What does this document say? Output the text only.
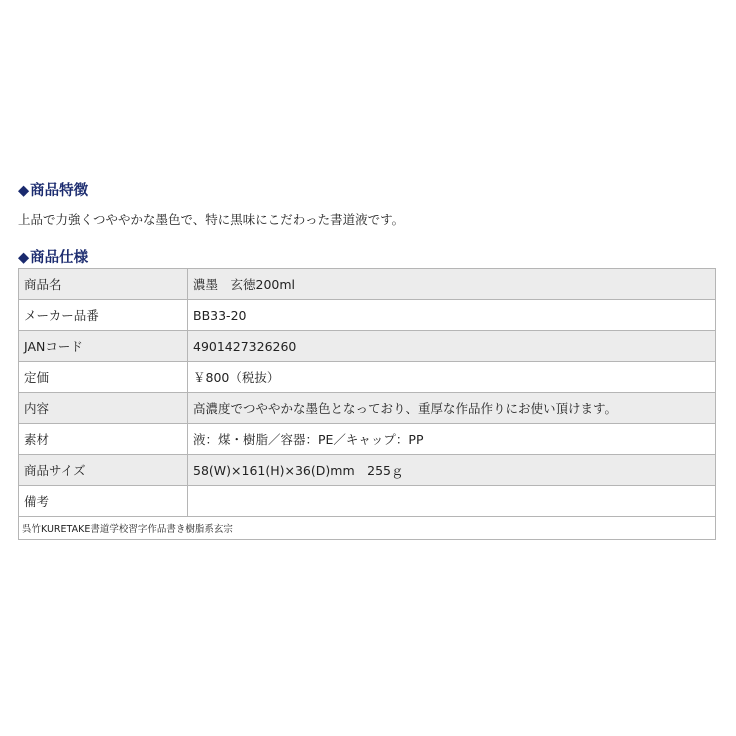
◆商品特徴
上品で力強くつややかな墨色で、特に黒味にこだわった書道液です。
◆商品仕様
商品名	濃墨　玄徳200ml
メーカー品番	BB33-20
JANコード	4901427326260
定価	￥800（税抜）
内容	高濃度でつややかな墨色となっており、重厚な作品作りにお使い頂けます。
素材	液：煤・樹脂／容器：PE／キャップ：PP
商品サイズ	58(W)×161(H)×36(D)mm　255ｇ
備考	
呉竹KURETAKE書道学校習字作品書き樹脂系玄宗	
